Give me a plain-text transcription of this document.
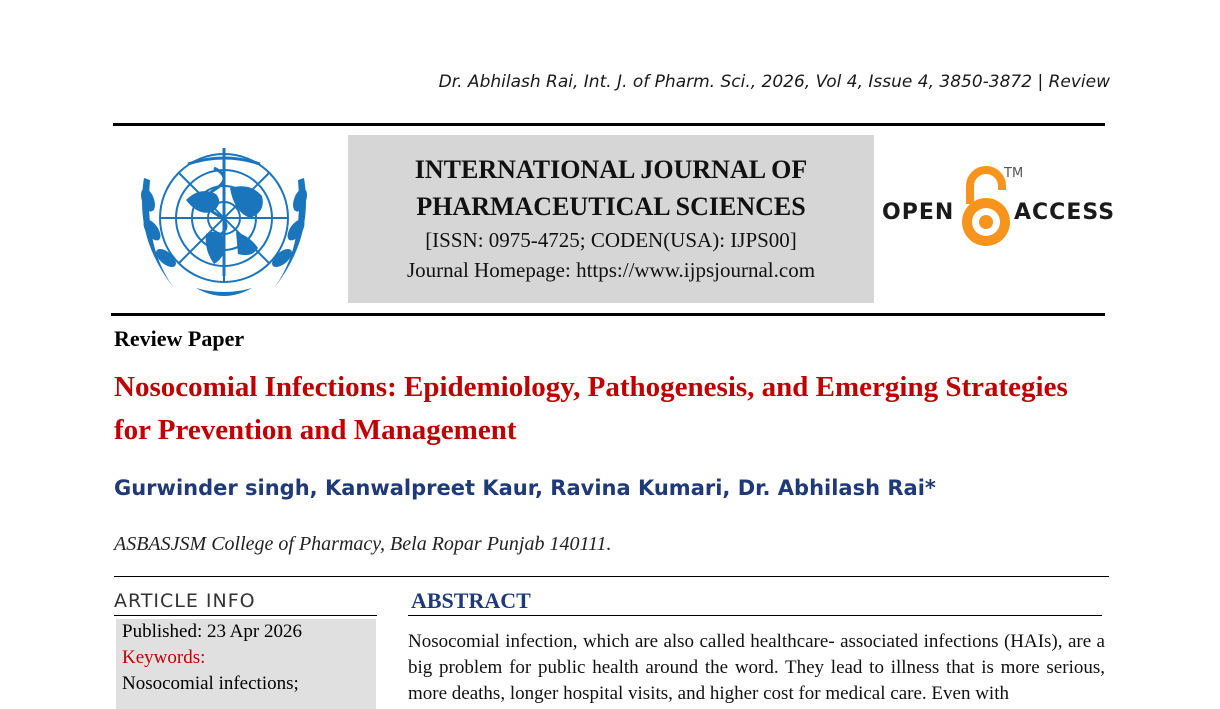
Dr. Abhilash Rai, Int. J. of Pharm. Sci., 2026, Vol 4, Issue 4, 3850-3872 | Review
INTERNATIONAL JOURNAL OF
PHARMACEUTICAL SCIENCES
[ISSN: 0975-4725; CODEN(USA): IJPS00]
Journal Homepage: https://www.ijpsjournal.com
OPEN
TM
ACCESS
Review Paper
Nosocomial Infections: Epidemiology, Pathogenesis, and Emerging Strategies for Prevention and Management
Gurwinder singh, Kanwalpreet Kaur, Ravina Kumari, Dr. Abhilash Rai*
ASBASJSM College of Pharmacy, Bela Ropar Punjab 140111.
ARTICLE INFO
Published: 23 Apr 2026
Keywords:
Nosocomial infections;
ABSTRACT
Nosocomial infection, which are also called healthcare- associated infections (HAIs), are a big problem for public health around the word. They lead to illness that is more serious, more deaths, longer hospital visits, and higher cost for medical care. Even with
